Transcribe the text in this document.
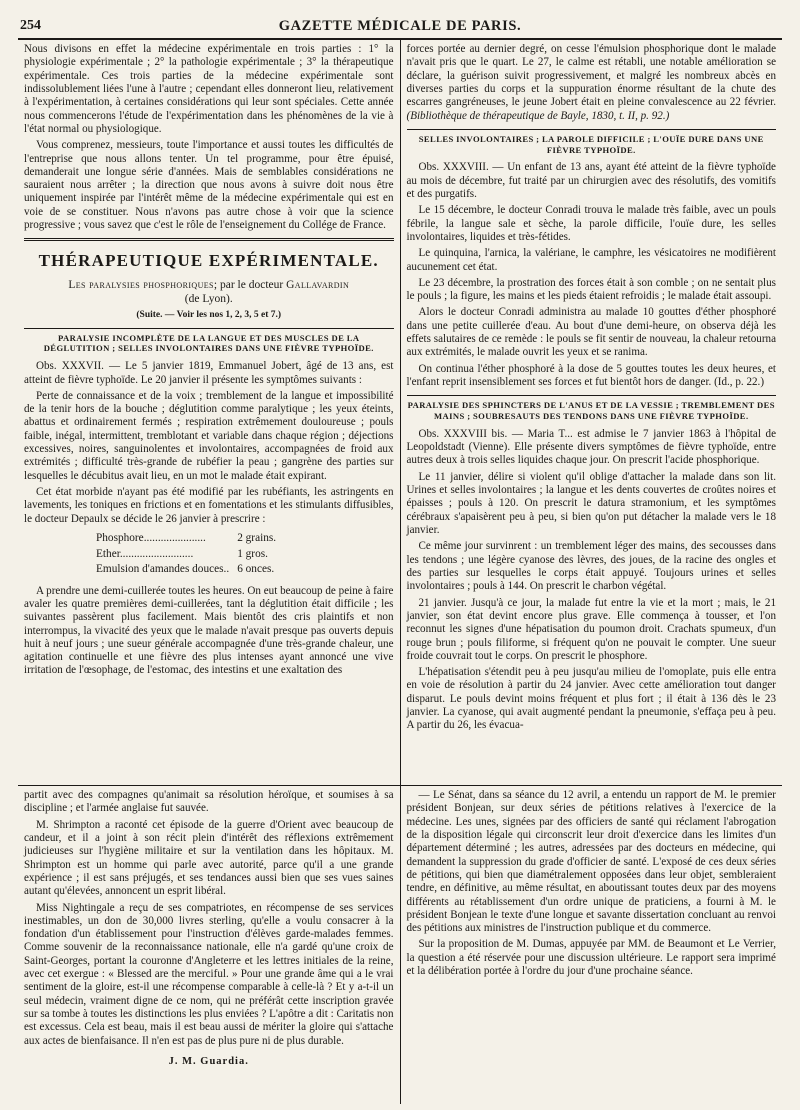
254	GAZETTE MÉDICALE DE PARIS.

Nous divisons en effet la médecine expérimentale en trois parties : 1° la physiologie expérimentale ; 2° la pathologie expérimentale ; 3° la thérapeutique expérimentale. Ces trois parties de la médecine expérimentale sont indissolublement liées l'une à l'autre ; cependant elles donneront lieu, relativement à l'expérimentation, à certaines considérations qui leur sont spéciales. Cette année nous commencerons l'étude de l'expérimentation dans les phénomènes de la vie à l'état normal ou physiologique.

Vous comprenez, messieurs, toute l'importance et aussi toutes les difficultés de l'entreprise que nous allons tenter. Un tel programme, pour être épuisé, demanderait une longue série d'années. Mais de semblables considérations ne sauraient nous arrêter ; la direction que nous avons à suivre doit nous être uniquement inspirée par l'intérêt même de la médecine expérimentale qui est en voie de se constituer. Nous n'avons pas autre chose à voir que la science progressive ; vous savez que c'est le rôle de l'enseignement du Collége de France.

THÉRAPEUTIQUE EXPÉRIMENTALE.
Les paralysies phosphoriques; par le docteur Gallavardin
(de Lyon).
(Suite. — Voir les nos 1, 2, 3, 5 et 7.)
PARALYSIE INCOMPLÈTE DE LA LANGUE ET DES MUSCLES DE LA DÉGLUTITION ; SELLES INVOLONTAIRES DANS UNE FIÈVRE TYPHOÏDE.

Obs. XXXVII. — Le 5 janvier 1819, Emmanuel Jobert, âgé de 13 ans, est atteint de fièvre typhoïde. Le 20 janvier il présente les symptômes suivants :

Perte de connaissance et de la voix ; tremblement de la langue et impossibilité de la tenir hors de la bouche ; déglutition comme paralytique ; les yeux éteints, abattus et ordinairement fermés ; respiration extrêmement douloureuse ; pouls faible, inégal, intermittent, tremblotant et variable dans chaque région ; déjections excessives, noires, sanguinolentes et involontaires, accompagnées de froid aux extrémités ; difficulté très-grande de rubéfier la peau ; gangrène des parties sur lesquelles le décubitus avait lieu, en un mot le malade était expirant.

Cet état morbide n'ayant pas été modifié par les rubéfiants, les astringents en lavements, les toniques en frictions et en fomentations et les stimulants diffusibles, le docteur Depaulx se décide le 26 janvier à prescrire :

Phosphore......................	2 grains.
Ether..........................	1 gros.
Emulsion d'amandes douces..	6 onces.

A prendre une demi-cuillerée toutes les heures. On eut beaucoup de peine à faire avaler les quatre premières demi-cuillerées, tant la déglutition était difficile ; les suivantes passèrent plus facilement. Mais bientôt des cris plaintifs et non interrompus, la vivacité des yeux que le malade n'avait presque pas ouverts depuis huit à neuf jours ; une sueur générale accompagnée d'une très-grande chaleur, une agitation continuelle et une fièvre des plus intenses ayant annoncé une vive irritation de l'œsophage, de l'estomac, des intestins et une exaltation des

forces portée au dernier degré, on cesse l'émulsion phosphorique dont le malade n'avait pris que le quart. Le 27, le calme est rétabli, une notable amélioration se déclare, la guérison suivit progressivement, et malgré les nombreux abcès en diverses parties du corps et la suppuration énorme résultant de la chute des escarres gangréneuses, le jeune Jobert était en pleine convalescence au 22 février. (Bibliothèque de thérapeutique de Bayle, 1830, t. II, p. 92.)

SELLES INVOLONTAIRES ; LA PAROLE DIFFICILE ; L'OUÏE DURE DANS UNE FIÈVRE TYPHOÏDE.

Obs. XXXVIII. — Un enfant de 13 ans, ayant été atteint de la fièvre typhoïde au mois de décembre, fut traité par un chirurgien avec des résolutifs, des vomitifs et des purgatifs.

Le 15 décembre, le docteur Conradi trouva le malade très faible, avec un pouls fébrile, la langue sale et sèche, la parole difficile, l'ouïe dure, les selles involontaires, liquides et très-fétides.

Le quinquina, l'arnica, la valériane, le camphre, les vésicatoires ne modifièrent aucunement cet état.

Le 23 décembre, la prostration des forces était à son comble ; on ne sentait plus le pouls ; la figure, les mains et les pieds étaient refroidis ; le malade était assoupi.

Alors le docteur Conradi administra au malade 10 gouttes d'éther phosphoré dans une petite cuillerée d'eau. Au bout d'une demi-heure, on observa déjà les effets salutaires de ce remède : le pouls se fit sentir de nouveau, la chaleur retourna aux extrémités, le malade ouvrit les yeux et se ranima.

On continua l'éther phosphoré à la dose de 5 gouttes toutes les deux heures, et l'enfant reprit insensiblement ses forces et fut bientôt hors de danger. (Id., p. 22.)

PARALYSIE DES SPHINCTERS DE L'ANUS ET DE LA VESSIE ; TREMBLEMENT DES MAINS ; SOUBRESAUTS DES TENDONS DANS UNE FIÈVRE TYPHOÏDE.

Obs. XXXVIII bis. — Maria T... est admise le 7 janvier 1863 à l'hôpital de Leopoldstadt (Vienne). Elle présente divers symptômes de fièvre typhoïde, entre autres deux à trois selles liquides chaque jour. On prescrit l'acide phosphorique.

Le 11 janvier, délire si violent qu'il oblige d'attacher la malade dans son lit. Urines et selles involontaires ; la langue et les dents couvertes de croûtes noires et épaisses ; pouls à 120. On prescrit le datura stramonium, et les symptômes cérébraux s'apaisèrent peu à peu, si bien qu'on put détacher la malade vers le 18 janvier.

Ce même jour survinrent : un tremblement léger des mains, des secousses dans les tendons ; une légère cyanose des lèvres, des joues, de la racine des ongles et des parties sur lesquelles le corps était appuyé. Toujours urines et selles involontaires ; pouls à 144. On prescrit le charbon végétal.

21 janvier. Jusqu'à ce jour, la malade fut entre la vie et la mort ; mais, le 21 janvier, son état devint encore plus grave. Elle commença à tousser, et l'on reconnut les signes d'une hépatisation du poumon droit. Crachats spumeux, d'un rouge brun ; pouls filiforme, si fréquent qu'on ne pouvait le compter. Une sueur froide couvrait tout le corps. On prescrit le phosphore.

L'hépatisation s'étendit peu à peu jusqu'au milieu de l'omoplate, puis elle entra en voie de résolution à partir du 24 janvier. Avec cette amélioration tout danger disparut. Le pouls devint moins fréquent et plus fort ; il était à 136 dès le 23 janvier. La cyanose, qui avait augmenté pendant la pneumonie, s'effaça peu à peu. A partir du 26, les évacua-

partit avec des compagnes qu'animait sa résolution héroïque, et soumises à sa discipline ; et l'armée anglaise fut sauvée.

M. Shrimpton a raconté cet épisode de la guerre d'Orient avec beaucoup de candeur, et il a joint à son récit plein d'intérêt des réflexions extrêmement judicieuses sur l'hygiène militaire et sur la ventilation dans les hôpitaux. M. Shrimpton est un homme qui parle avec autorité, parce qu'il a une grande expérience ; il est sans préjugés, et ses tendances aussi bien que ses vues saines autant qu'élevées, annoncent un esprit libéral.

Miss Nightingale a reçu de ses compatriotes, en récompense de ses services inestimables, un don de 30,000 livres sterling, qu'elle a voulu consacrer à la fondation d'un établissement pour l'instruction d'élèves garde-malades femmes. Comme souvenir de la reconnaissance nationale, elle n'a gardé qu'une croix de Saint-Georges, portant la couronne d'Angleterre et les lettres initiales de la reine, avec cet exergue : « Blessed are the merciful. » Pour une grande âme qui a le vrai sentiment de la gloire, est-il une récompense comparable à celle-là ? Et y a-t-il un seul médecin, vraiment digne de ce nom, qui ne préférât cette inscription gravée sur sa tombe à toutes les distinctions les plus enviées ? L'apôtre a dit : Caritatis non est excessus. Cela est beau, mais il est beau aussi de mériter la gloire qui s'attache aux actes de bienfaisance. Il n'en est pas de plus pure ni de plus durable.

J. M. Guardia.

— Le Sénat, dans sa séance du 12 avril, a entendu un rapport de M. le premier président Bonjean, sur deux séries de pétitions relatives à l'exercice de la médecine. Les unes, signées par des officiers de santé qui réclament l'abrogation de la disposition légale qui circonscrit leur droit d'exercice dans les limites d'un département déterminé ; les autres, adressées par des docteurs en médecine, qui demandent la suppression du grade d'officier de santé. L'exposé de ces deux séries de pétitions, qui bien que diamétralement opposées dans leur objet, sembleraient tendre, en définitive, au même résultat, en aboutissant toutes deux par des moyens différents au rétablissement d'un ordre unique de praticiens, a fourni à M. le président Bonjean le texte d'une longue et savante dissertation concluant au renvoi des pétitions aux ministres de l'instruction publique et du commerce.

Sur la proposition de M. Dumas, appuyée par MM. de Beaumont et Le Verrier, la question a été réservée pour une discussion ultérieure. Le rapport sera imprimé et la délibération portée à l'ordre du jour d'une prochaine séance.
